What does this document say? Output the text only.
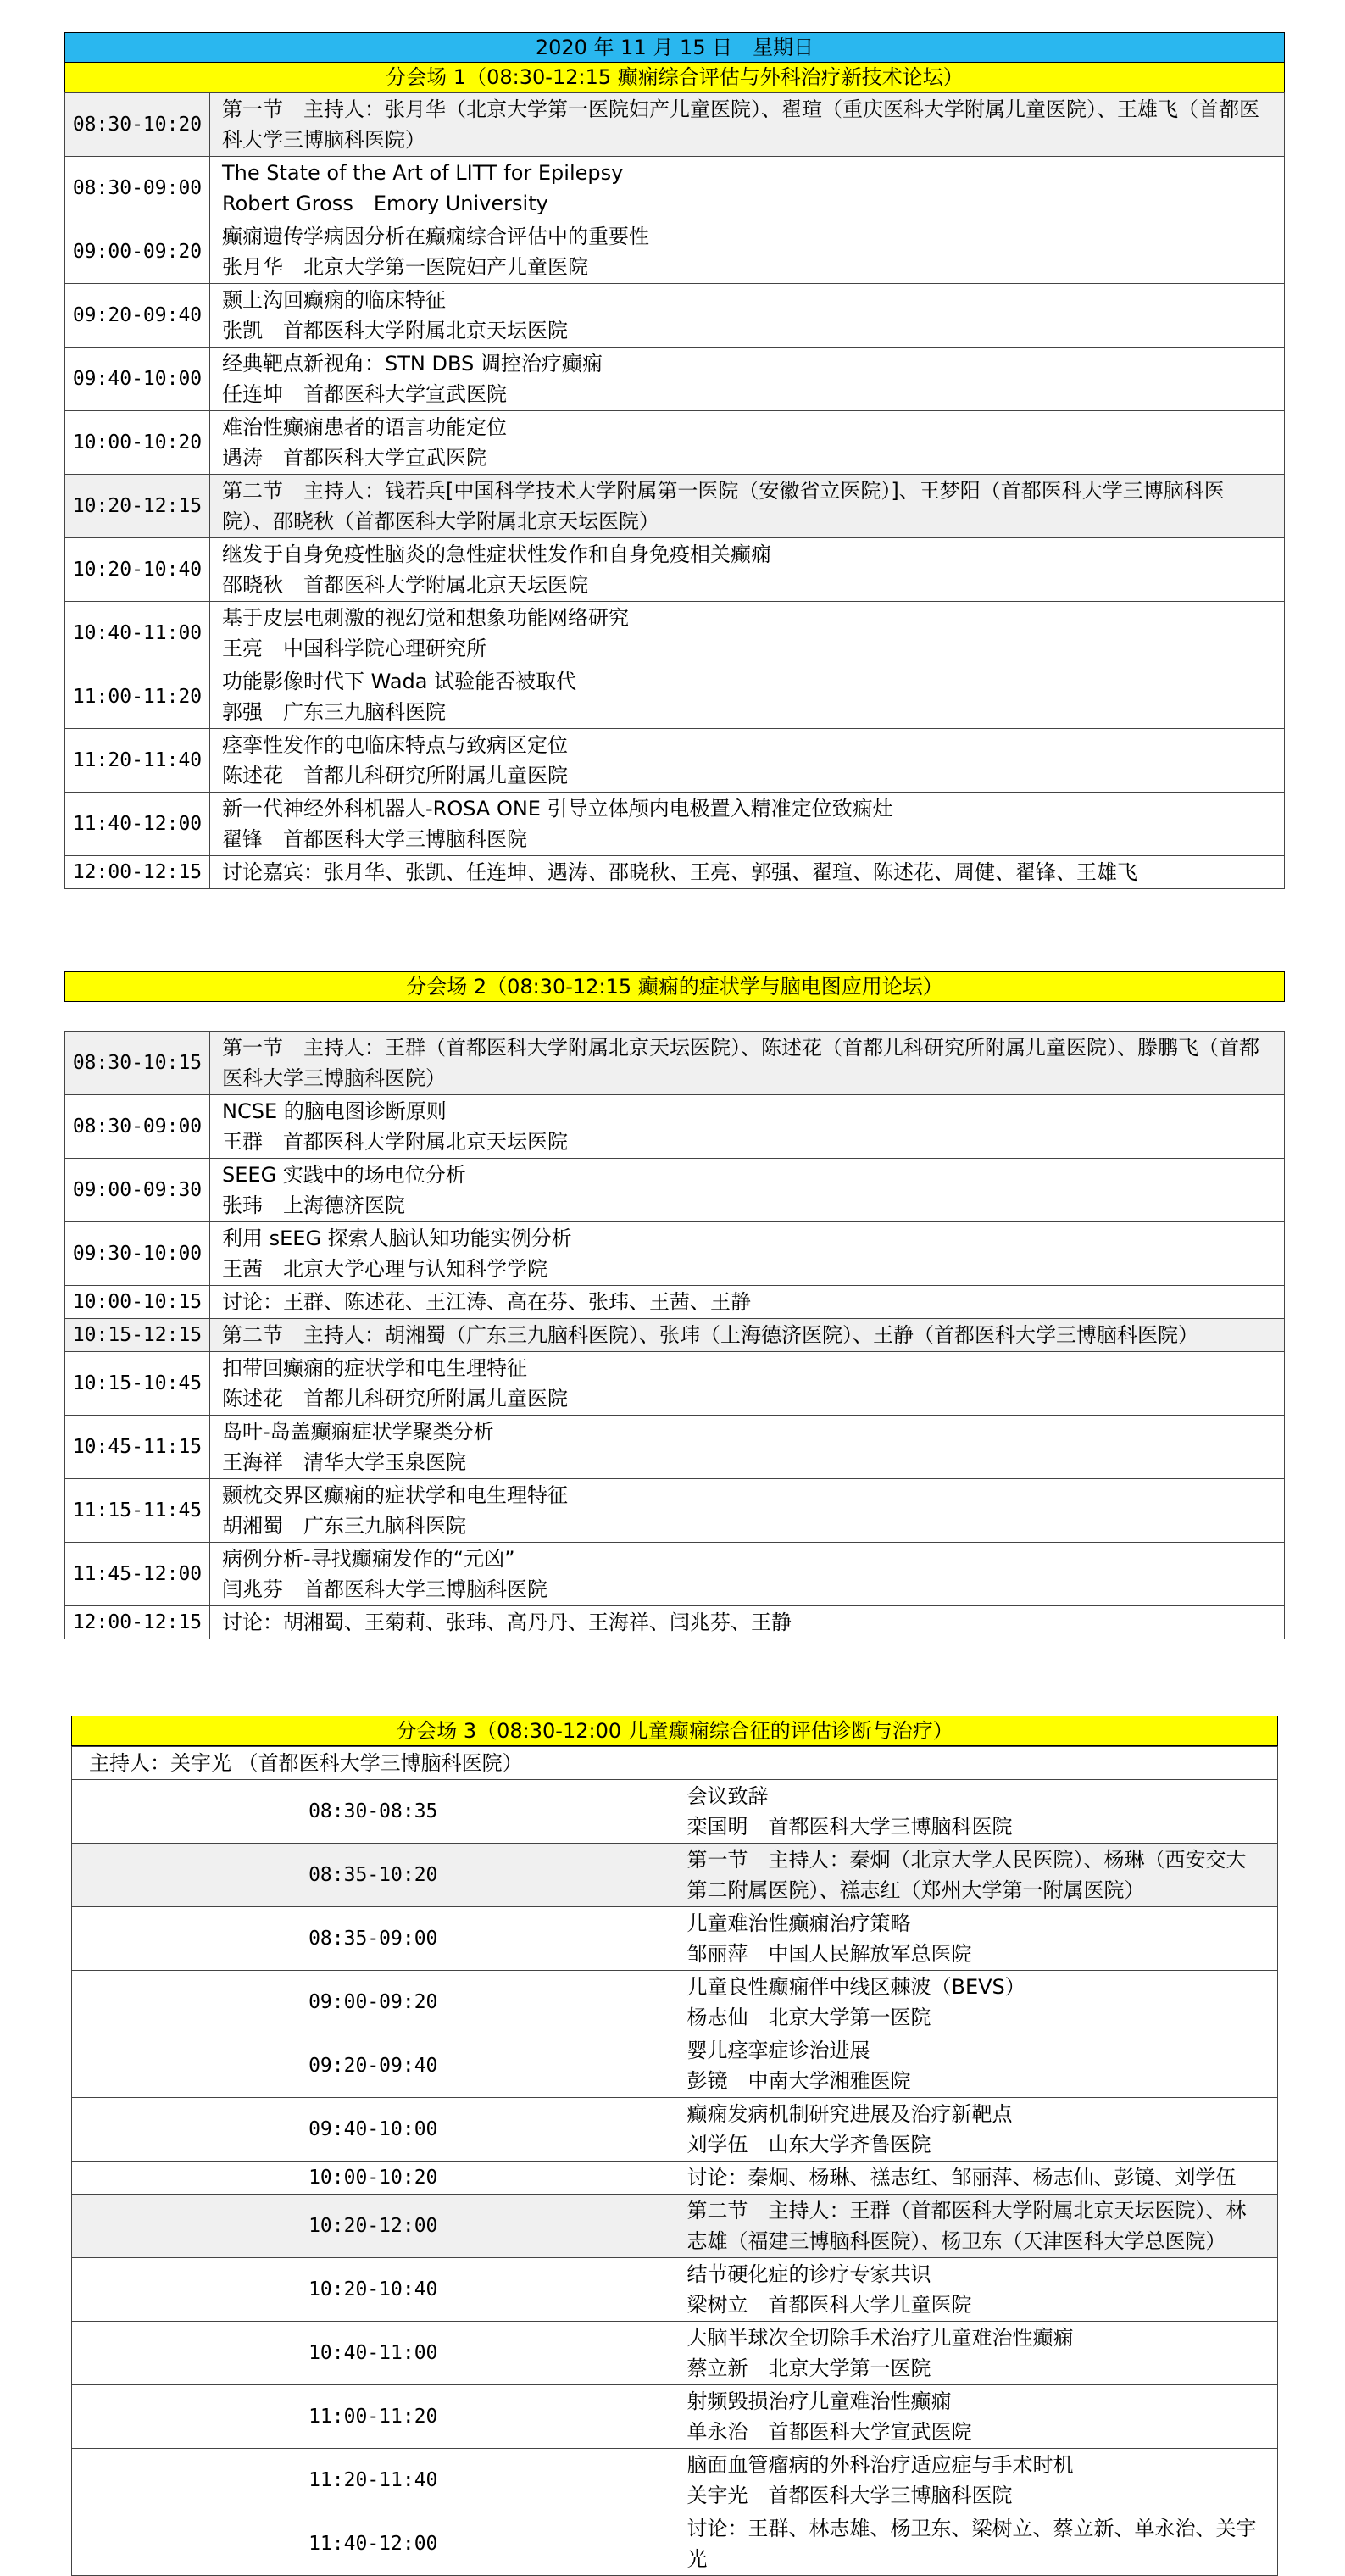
2020 年 11 月 15 日　星期日
分会场 1（08:30-12:15 癫痫综合评估与外科治疗新技术论坛）
08:30-10:20	第一节　主持人：张月华（北京大学第一医院妇产儿童医院）、翟瑄（重庆医科大学附属儿童医院）、王雄飞（首都医科大学三博脑科医院）

08:30-09:00	The State of the Art of LITT for Epilepsy
Robert Gross　Emory University

09:00-09:20	癫痫遗传学病因分析在癫痫综合评估中的重要性
张月华　北京大学第一医院妇产儿童医院

09:20-09:40	颞上沟回癫痫的临床特征
张凯　首都医科大学附属北京天坛医院

09:40-10:00	经典靶点新视角：STN DBS 调控治疗癫痫
任连坤　首都医科大学宣武医院

10:00-10:20	难治性癫痫患者的语言功能定位
遇涛　首都医科大学宣武医院

10:20-12:15	第二节　主持人：钱若兵[中国科学技术大学附属第一医院（安徽省立医院）]、王梦阳（首都医科大学三博脑科医院）、邵晓秋（首都医科大学附属北京天坛医院）

10:20-10:40	继发于自身免疫性脑炎的急性症状性发作和自身免疫相关癫痫
邵晓秋　首都医科大学附属北京天坛医院

10:40-11:00	基于皮层电刺激的视幻觉和想象功能网络研究
王亮　中国科学院心理研究所

11:00-11:20	功能影像时代下 Wada 试验能否被取代
郭强　广东三九脑科医院

11:20-11:40	痉挛性发作的电临床特点与致病区定位
陈述花　首都儿科研究所附属儿童医院

11:40-12:00	新一代神经外科机器人-ROSA ONE 引导立体颅内电极置入精准定位致痫灶
翟锋　首都医科大学三博脑科医院

12:00-12:15	讨论嘉宾：张月华、张凯、任连坤、遇涛、邵晓秋、王亮、郭强、翟瑄、陈述花、周健、翟锋、王雄飞
分会场 2（08:30-12:15 癫痫的症状学与脑电图应用论坛）
08:30-10:15	第一节　主持人：王群（首都医科大学附属北京天坛医院）、陈述花（首都儿科研究所附属儿童医院）、滕鹏飞（首都医科大学三博脑科医院）

08:30-09:00	NCSE 的脑电图诊断原则
王群　首都医科大学附属北京天坛医院

09:00-09:30	SEEG 实践中的场电位分析
张玮　上海德济医院

09:30-10:00	利用 sEEG 探索人脑认知功能实例分析
王茜　北京大学心理与认知科学学院

10:00-10:15	讨论：王群、陈述花、王江涛、高在芬、张玮、王茜、王静

10:15-12:15	第二节　主持人：胡湘蜀（广东三九脑科医院）、张玮（上海德济医院）、王静（首都医科大学三博脑科医院）

10:15-10:45	扣带回癫痫的症状学和电生理特征
陈述花　首都儿科研究所附属儿童医院

10:45-11:15	岛叶-岛盖癫痫症状学聚类分析
王海祥　清华大学玉泉医院

11:15-11:45	颞枕交界区癫痫的症状学和电生理特征
胡湘蜀　广东三九脑科医院

11:45-12:00	病例分析-寻找癫痫发作的“元凶”
闫兆芬　首都医科大学三博脑科医院

12:00-12:15	讨论：胡湘蜀、王菊莉、张玮、高丹丹、王海祥、闫兆芬、王静
分会场 3（08:30-12:00 儿童癫痫综合征的评估诊断与治疗）
主持人：关宇光 （首都医科大学三博脑科医院）	
08:30-08:35	会议致辞
栾国明　首都医科大学三博脑科医院

08:35-10:20	第一节　主持人：秦炯（北京大学人民医院）、杨琳（西安交大第二附属医院）、禚志红（郑州大学第一附属医院）

08:35-09:00	儿童难治性癫痫治疗策略
邹丽萍　中国人民解放军总医院

09:00-09:20	儿童良性癫痫伴中线区棘波（BEVS）
杨志仙　北京大学第一医院

09:20-09:40	婴儿痉挛症诊治进展
彭镜　中南大学湘雅医院

09:40-10:00	癫痫发病机制研究进展及治疗新靶点
刘学伍　山东大学齐鲁医院

10:00-10:20	讨论：秦炯、杨琳、禚志红、邹丽萍、杨志仙、彭镜、刘学伍

10:20-12:00	第二节　主持人：王群（首都医科大学附属北京天坛医院）、林志雄（福建三博脑科医院）、杨卫东（天津医科大学总医院）

10:20-10:40	结节硬化症的诊疗专家共识
梁树立　首都医科大学儿童医院

10:40-11:00	大脑半球次全切除手术治疗儿童难治性癫痫
蔡立新　北京大学第一医院

11:00-11:20	射频毁损治疗儿童难治性癫痫
单永治　首都医科大学宣武医院

11:20-11:40	脑面血管瘤病的外科治疗适应症与手术时机
关宇光　首都医科大学三博脑科医院

11:40-12:00	讨论：王群、林志雄、杨卫东、梁树立、蔡立新、单永治、关宇光
